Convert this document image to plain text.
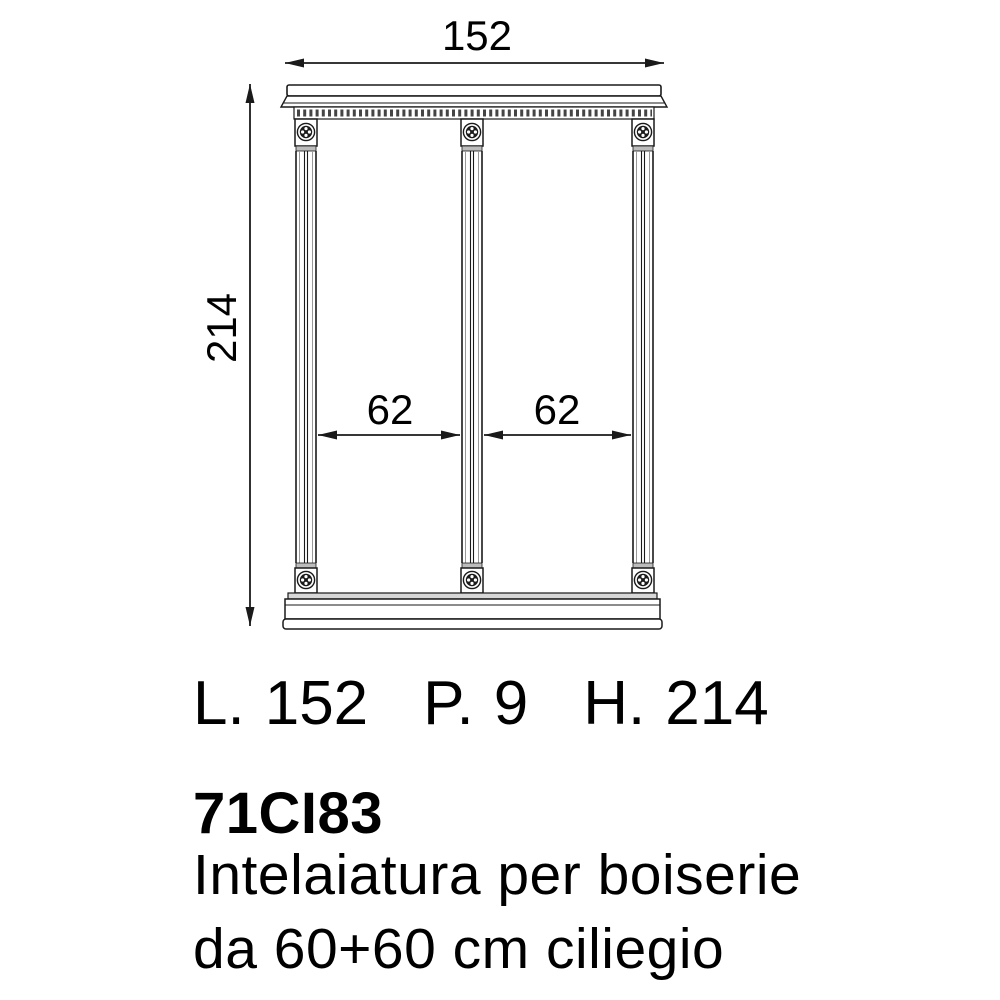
152
214
62	62
L. 152 P. 9 H. 214
71CI83
Intelaiatura per boiserie
da 60+60 cm ciliegio
